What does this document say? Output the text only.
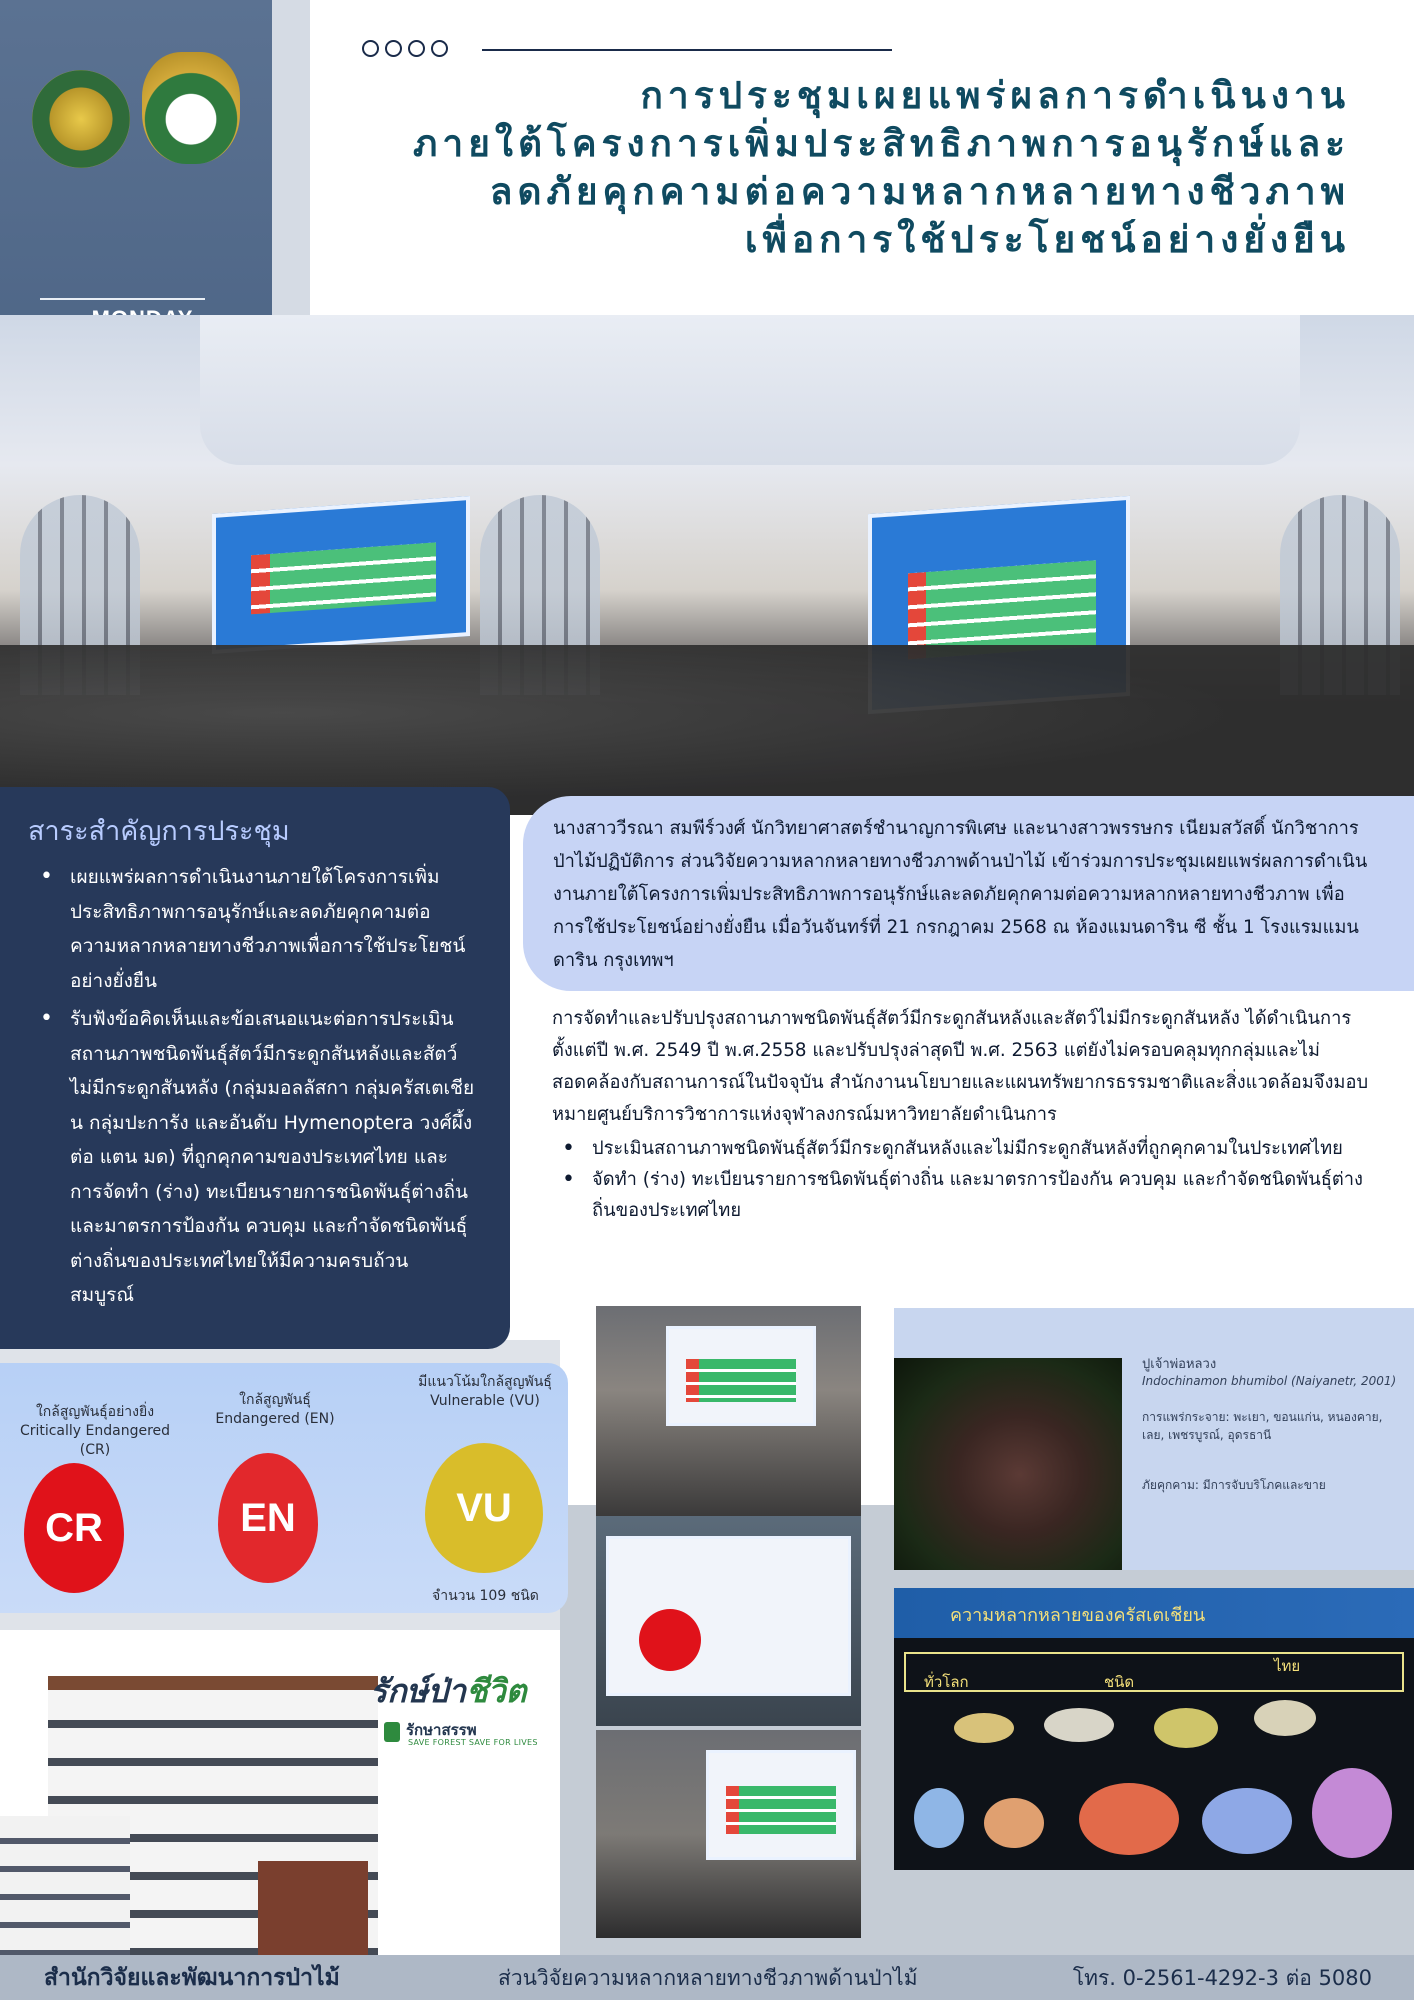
การประชุมเผยแพร่ผลการดำเนินงาน
ภายใต้โครงการเพิ่มประสิทธิภาพการอนุรักษ์และ
ลดภัยคุกคามต่อความหลากหลายทางชีวภาพ
เพื่อการใช้ประโยชน์อย่างยั่งยืน
สาระสำคัญการประชุม
• เผยแพร่ผลการดำเนินงานภายใต้โครงการเพิ่มประสิทธิภาพการอนุรักษ์และลดภัยคุกคามต่อความหลากหลายทางชีวภาพเพื่อการใช้ประโยชน์อย่างยั่งยืน
• รับฟังข้อคิดเห็นและข้อเสนอแนะต่อการประเมินสถานภาพชนิดพันธุ์สัตว์มีกระดูกสันหลังและสัตว์ไม่มีกระดูกสันหลัง (กลุ่มมอลลัสกา กลุ่มครัสเตเชียน กลุ่มปะการัง และอันดับ Hymenoptera วงศ์ผึ้ง ต่อ แตน มด) ที่ถูกคุกคามของประเทศไทย และการจัดทำ (ร่าง) ทะเบียนรายการชนิดพันธุ์ต่างถิ่นและมาตรการป้องกัน ควบคุม และกำจัดชนิดพันธุ์ต่างถิ่นของประเทศไทยให้มีความครบถ้วน สมบูรณ์
นางสาววีรณา สมพีร์วงศ์ นักวิทยาศาสตร์ชำนาญการพิเศษ และนางสาวพรรษกร เนียมสวัสดิ์ นักวิชาการป่าไม้ปฏิบัติการ ส่วนวิจัยความหลากหลายทางชีวภาพด้านป่าไม้ เข้าร่วมการประชุมเผยแพร่ผลการดำเนินงานภายใต้โครงการเพิ่มประสิทธิภาพการอนุรักษ์และลดภัยคุกคามต่อความหลากหลายทางชีวภาพ เพื่อการใช้ประโยชน์อย่างยั่งยืน เมื่อวันจันทร์ที่ 21 กรกฎาคม 2568 ณ ห้องแมนดาริน ซี ชั้น 1 โรงแรมแมนดาริน กรุงเทพฯ

การจัดทำและปรับปรุงสถานภาพชนิดพันธุ์สัตว์มีกระดูกสันหลังและสัตว์ไม่มีกระดูกสันหลัง ได้ดำเนินการตั้งแต่ปี พ.ศ. 2549 ปี พ.ศ.2558 และปรับปรุงล่าสุดปี พ.ศ. 2563 แต่ยังไม่ครอบคลุมทุกกลุ่มและไม่สอดคล้องกับสถานการณ์ในปัจจุบัน สำนักงานนโยบายและแผนทรัพยากรธรรมชาติและสิ่งแวดล้อมจึงมอบหมายศูนย์บริการวิชาการแห่งจุฬาลงกรณ์มหาวิทยาลัยดำเนินการ

• ประเมินสถานภาพชนิดพันธุ์สัตว์มีกระดูกสันหลังและไม่มีกระดูกสันหลังที่ถูกคุกคามในประเทศไทย
• จัดทำ (ร่าง) ทะเบียนรายการชนิดพันธุ์ต่างถิ่น และมาตรการป้องกัน ควบคุม และกำจัดชนิดพันธุ์ต่างถิ่นของประเทศไทย
ใกล้สูญพันธุ์อย่างยิ่ง
Critically Endangered (CR)
ใกล้สูญพันธุ์
Endangered (EN)
มีแนวโน้มใกล้สูญพันธุ์
Vulnerable (VU)
CR	EN	VU
จำนวน 109 ชนิด
ปูเจ้าพ่อหลวง
Indochinamon bhumibol (Naiyanetr, 2001)
การแพร่กระจาย: พะเยา, ขอนแก่น, หนองคาย, เลย, เพชรบูรณ์, อุดรธานี
ภัยคุกคาม: มีการจับบริโภคและขาย
ความหลากหลายของครัสเตเชียน
ทั่วโลก	ชนิด
ไทย
รักษ์ป่าชีวิต
รักษาสรรพ
SAVE FOREST SAVE FOR LIVES
สำนักวิจัยและพัฒนาการป่าไม้	ส่วนวิจัยความหลากหลายทางชีวภาพด้านป่าไม้	โทร. 0-2561-4292-3 ต่อ 5080
